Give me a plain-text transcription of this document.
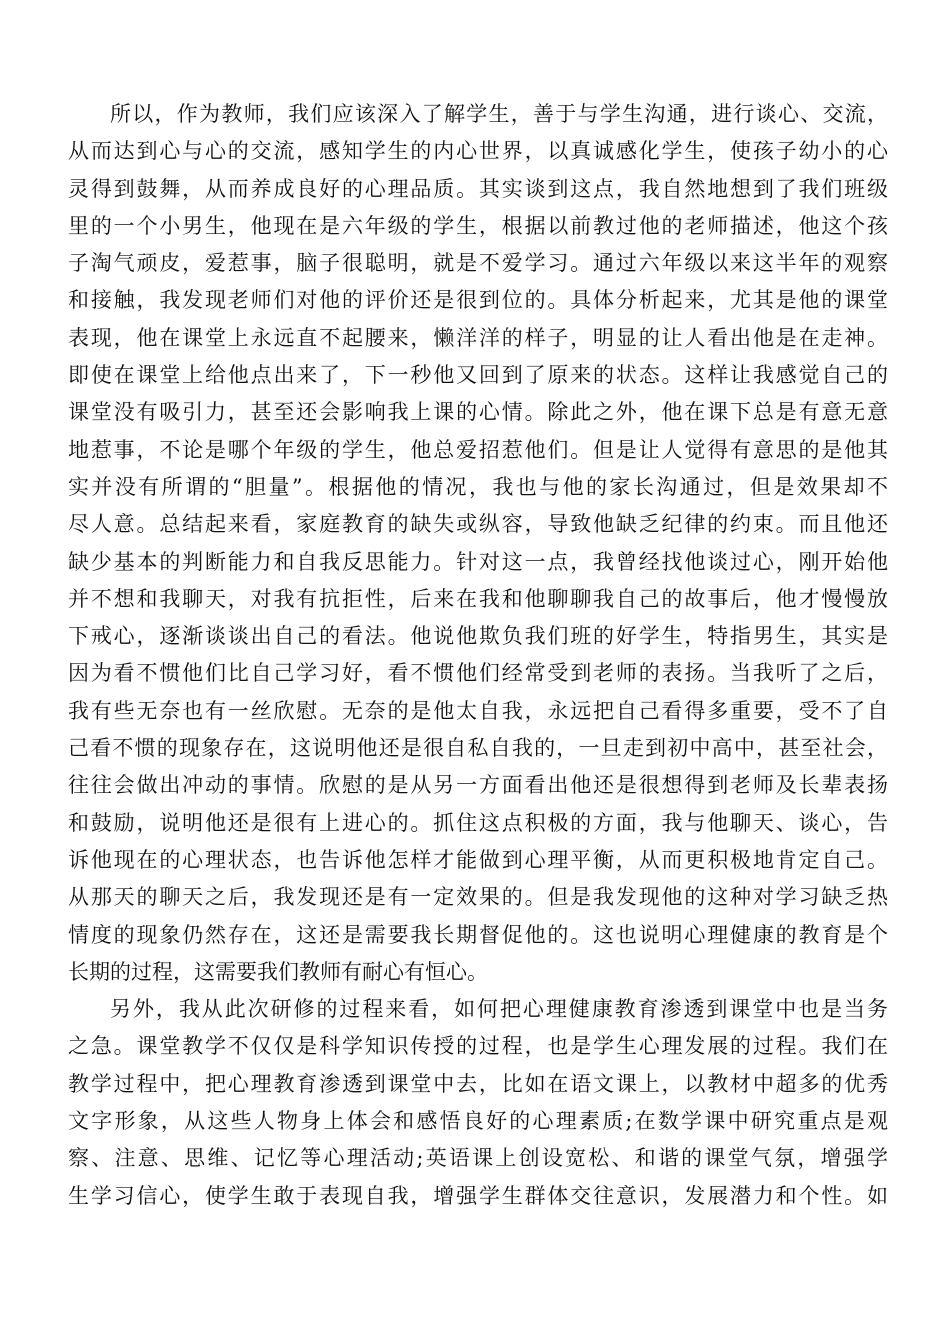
所以，作为教师，我们应该深入了解学生，善于与学生沟通，进行谈心、交流，
从而达到心与心的交流，感知学生的内心世界，以真诚感化学生，使孩子幼小的心
灵得到鼓舞，从而养成良好的心理品质。其实谈到这点，我自然地想到了我们班级
里的一个小男生，他现在是六年级的学生，根据以前教过他的老师描述，他这个孩
子淘气顽皮，爱惹事，脑子很聪明，就是不爱学习。通过六年级以来这半年的观察
和接触，我发现老师们对他的评价还是很到位的。具体分析起来，尤其是他的课堂
表现，他在课堂上永远直不起腰来，懒洋洋的样子，明显的让人看出他是在走神。
即使在课堂上给他点出来了，下一秒他又回到了原来的状态。这样让我感觉自己的
课堂没有吸引力，甚至还会影响我上课的心情。除此之外，他在课下总是有意无意
地惹事，不论是哪个年级的学生，他总爱招惹他们。但是让人觉得有意思的是他其
实并没有所谓的“胆量”。根据他的情况，我也与他的家长沟通过，但是效果却不
尽人意。总结起来看，家庭教育的缺失或纵容，导致他缺乏纪律的约束。而且他还
缺少基本的判断能力和自我反思能力。针对这一点，我曾经找他谈过心，刚开始他
并不想和我聊天，对我有抗拒性，后来在我和他聊聊我自己的故事后，他才慢慢放
下戒心，逐渐谈谈出自己的看法。他说他欺负我们班的好学生，特指男生，其实是
因为看不惯他们比自己学习好，看不惯他们经常受到老师的表扬。当我听了之后，
我有些无奈也有一丝欣慰。无奈的是他太自我，永远把自己看得多重要，受不了自
己看不惯的现象存在，这说明他还是很自私自我的，一旦走到初中高中，甚至社会，
往往会做出冲动的事情。欣慰的是从另一方面看出他还是很想得到老师及长辈表扬
和鼓励，说明他还是很有上进心的。抓住这点积极的方面，我与他聊天、谈心，告
诉他现在的心理状态，也告诉他怎样才能做到心理平衡，从而更积极地肯定自己。
从那天的聊天之后，我发现还是有一定效果的。但是我发现他的这种对学习缺乏热
情度的现象仍然存在，这还是需要我长期督促他的。这也说明心理健康的教育是个
长期的过程，这需要我们教师有耐心有恒心。
另外，我从此次研修的过程来看，如何把心理健康教育渗透到课堂中也是当务
之急。课堂教学不仅仅是科学知识传授的过程，也是学生心理发展的过程。我们在
教学过程中，把心理教育渗透到课堂中去，比如在语文课上，以教材中超多的优秀
文字形象，从这些人物身上体会和感悟良好的心理素质;在数学课中研究重点是观
察、注意、思维、记忆等心理活动;英语课上创设宽松、和谐的课堂气氛，增强学
生学习信心，使学生敢于表现自我，增强学生群体交往意识，发展潜力和个性。如
